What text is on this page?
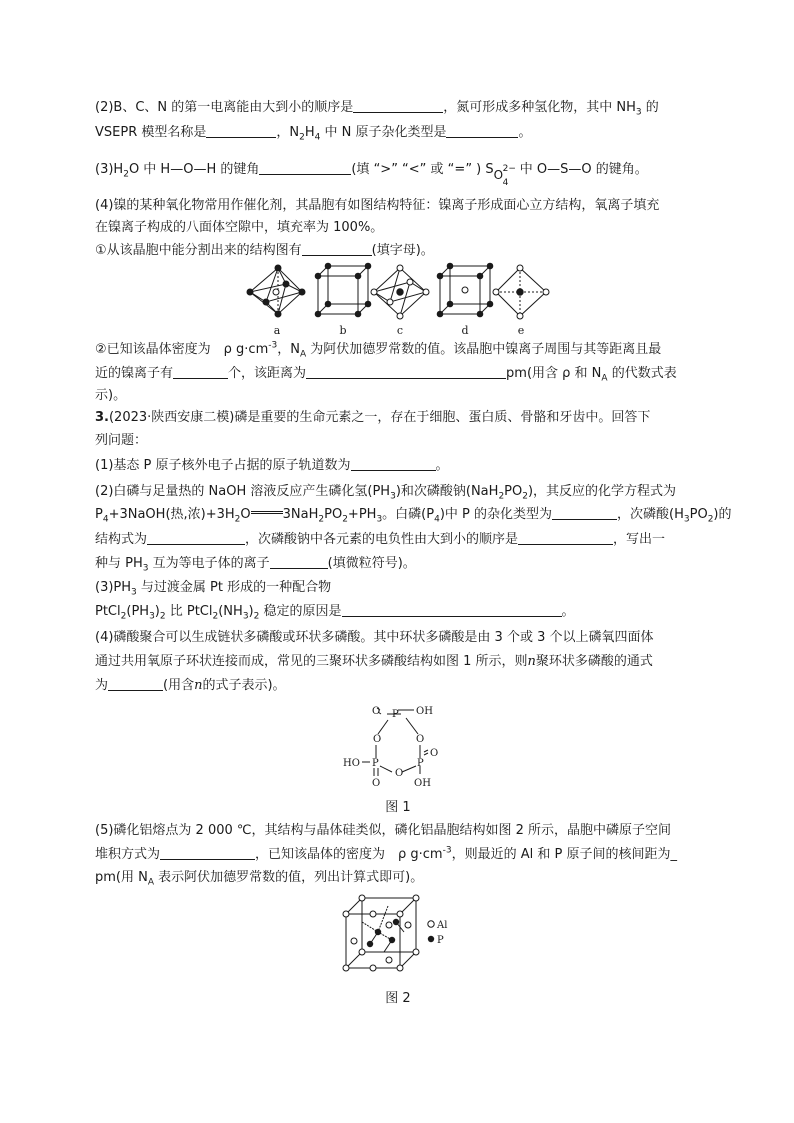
(2)B、C、N 的第一电离能由大到小的顺序是	，氮可形成多种氢化物，其中 $NH_3$ 的
VSEPR 模型名称是	，$N_2H_4$ 中 N 原子杂化类型是	。
$(3)H_2O$ 中 H—O—H 的键角	(填 “>” “<” 或 “=” ) S O
4
2− 中 O—S—O 的键角。
(4)镍的某种氧化物常用作催化剂，其晶胞有如图结构特征：镍离子形成面心立方结构，氧离子填充
在镍离子构成的八面体空隙中，填充率为 100%。
①从该晶胞中能分割出来的结构图有	(填字母)。
a	b	c	d	e
②已知该晶体密度为　ρ $g\cdot cm^{-3}$，$N_A$ 为阿伏加德罗常数的值。该晶胞中镍离子周围与其等距离且最
近的镍离子有	个，该距离为	pm(用含 ρ 和 $N_A$ 的代数式表
示)。
3.(2023·陕西安康二模)磷是重要的生命元素之一，存在于细胞、蛋白质、骨骼和牙齿中。回答下
列问题：
(1)基态 P 原子核外电子占据的原子轨道数为	。
(2)白磷与足量热的 NaOH 溶液反应产生磷化氢$(PH_3)$和次磷酸钠$(NaH_2PO_2)$，其反应的化学方程式为
$P_4+3NaOH$(热,浓)$+3H_2O$ $3NaH_2PO_2+PH_3$。白磷$(P_4)$中 P 的杂化类型为	，次磷酸$(H_3PO_2)$的
结构式为	，次磷酸钠中各元素的电负性由大到小的顺序是	，写出一
种与 $PH_3$ 互为等电子体的离子	(填微粒符号)。
$(3)PH_3$ 与过渡金属 Pt 形成的一种配合物
$PtCl_2(PH_3)_2$ 比 $PtCl_2(NH_3)_2$ 稳定的原因是	。
(4)磷酸聚合可以生成链状多磷酸或环状多磷酸。其中环状多磷酸是由 3 个或 3 个以上磷氧四面体
通过共用氧原子环状连接而成，常见的三聚环状多磷酸结构如图 1 所示，则n聚环状多磷酸的通式
为	(用含n的式子表示)。
O P OH
O	O
HO P	P
O
O
O	OH
图 1
(5)磷化铝熔点为 2 000 ℃，其结构与晶体硅类似，磷化铝晶胞结构如图 2 所示，晶胞中磷原子空间
堆积方式为	，已知该晶体的密度为　ρ $g\cdot cm^{-3}$，则最近的 Al 和 P 原子间的核间距为_
pm(用 $N_A$ 表示阿伏加德罗常数的值，列出计算式即可)。
Al
P
图 2
